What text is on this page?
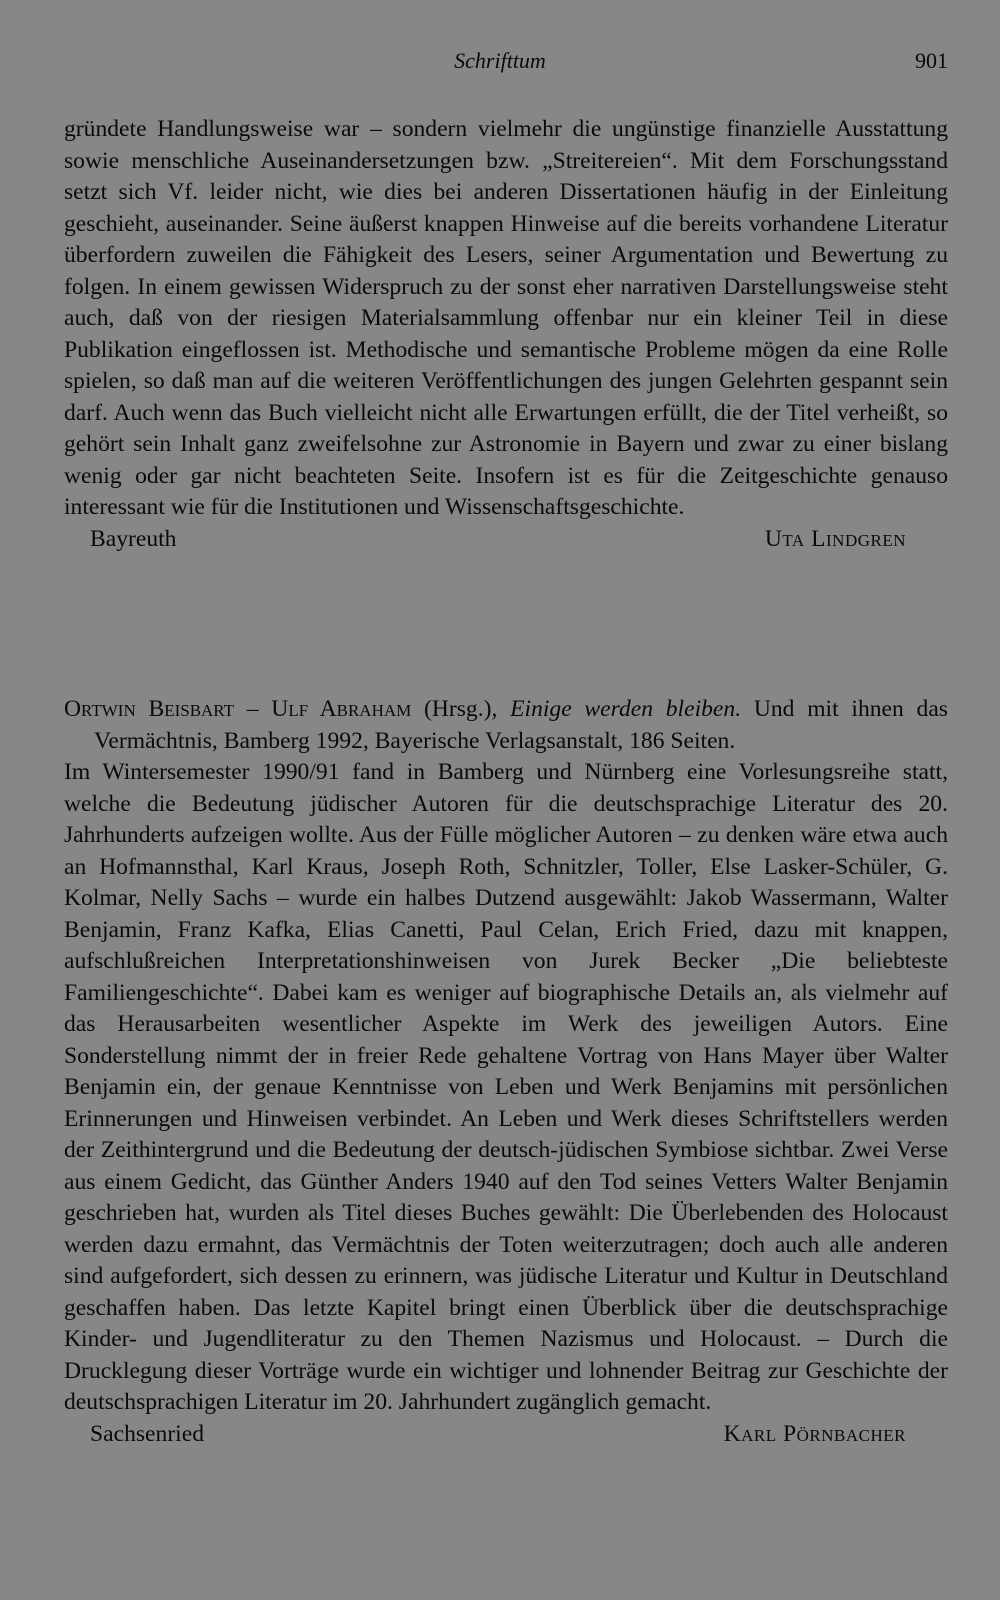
Schrifttum	901

gründete Handlungsweise war – sondern vielmehr die ungünstige finanzielle Ausstattung sowie menschliche Auseinandersetzungen bzw. „Streitereien“. Mit dem Forschungsstand setzt sich Vf. leider nicht, wie dies bei anderen Dissertationen häufig in der Einleitung geschieht, auseinander. Seine äußerst knappen Hinweise auf die bereits vorhandene Literatur überfordern zuweilen die Fähigkeit des Lesers, seiner Argumentation und Bewertung zu folgen. In einem gewissen Widerspruch zu der sonst eher narrativen Darstellungsweise steht auch, daß von der riesigen Materialsammlung offenbar nur ein kleiner Teil in diese Publikation eingeflossen ist. Methodische und semantische Probleme mögen da eine Rolle spielen, so daß man auf die weiteren Veröffentlichungen des jungen Gelehrten gespannt sein darf. Auch wenn das Buch vielleicht nicht alle Erwartungen erfüllt, die der Titel verheißt, so gehört sein Inhalt ganz zweifelsohne zur Astronomie in Bayern und zwar zu einer bislang wenig oder gar nicht beachteten Seite. Insofern ist es für die Zeitgeschichte genauso interessant wie für die Institutionen und Wissenschaftsgeschichte.

Bayreuth	Uta Lindgren

Ortwin Beisbart – Ulf Abraham (Hrsg.), Einige werden bleiben. Und mit ihnen das Vermächtnis, Bamberg 1992, Bayerische Verlagsanstalt, 186 Seiten.

Im Wintersemester 1990/91 fand in Bamberg und Nürnberg eine Vorlesungsreihe statt, welche die Bedeutung jüdischer Autoren für die deutschsprachige Literatur des 20. Jahrhunderts aufzeigen wollte. Aus der Fülle möglicher Autoren – zu denken wäre etwa auch an Hofmannsthal, Karl Kraus, Joseph Roth, Schnitzler, Toller, Else Lasker-Schüler, G. Kolmar, Nelly Sachs – wurde ein halbes Dutzend ausgewählt: Jakob Wassermann, Walter Benjamin, Franz Kafka, Elias Canetti, Paul Celan, Erich Fried, dazu mit knappen, aufschlußreichen Interpretationshinweisen von Jurek Becker „Die beliebteste Familiengeschichte“. Dabei kam es weniger auf biographische Details an, als vielmehr auf das Herausarbeiten wesentlicher Aspekte im Werk des jeweiligen Autors. Eine Sonderstellung nimmt der in freier Rede gehaltene Vortrag von Hans Mayer über Walter Benjamin ein, der genaue Kenntnisse von Leben und Werk Benjamins mit persönlichen Erinnerungen und Hinweisen verbindet. An Leben und Werk dieses Schriftstellers werden der Zeithintergrund und die Bedeutung der deutsch-jüdischen Symbiose sichtbar. Zwei Verse aus einem Gedicht, das Günther Anders 1940 auf den Tod seines Vetters Walter Benjamin geschrieben hat, wurden als Titel dieses Buches gewählt: Die Überlebenden des Holocaust werden dazu ermahnt, das Vermächtnis der Toten weiterzutragen; doch auch alle anderen sind aufgefordert, sich dessen zu erinnern, was jüdische Literatur und Kultur in Deutschland geschaffen haben. Das letzte Kapitel bringt einen Überblick über die deutschsprachige Kinder- und Jugendliteratur zu den Themen Nazismus und Holocaust. – Durch die Drucklegung dieser Vorträge wurde ein wichtiger und lohnender Beitrag zur Geschichte der deutschsprachigen Literatur im 20. Jahrhundert zugänglich gemacht.

Sachsenried	Karl Pörnbacher
